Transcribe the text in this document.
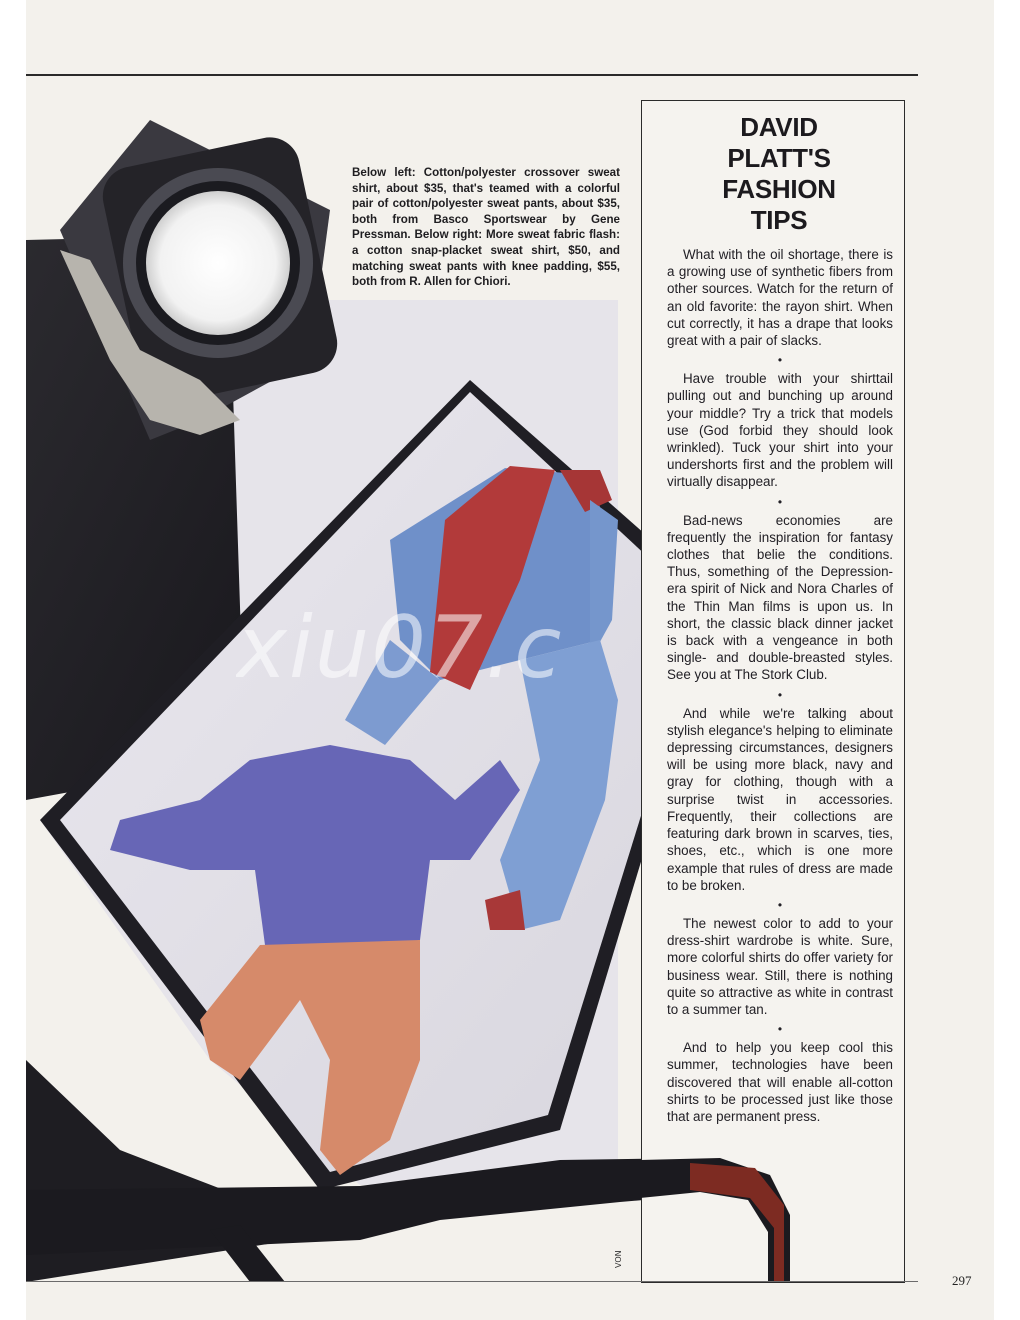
xiu07.c
Below left: Cotton/polyester crossover sweat shirt, about $35, that's teamed with a colorful pair of cotton/polyester sweat pants, about $35, both from Basco Sportswear by Gene Pressman. Below right: More sweat fabric flash: a cotton snap-placket sweat shirt, $50, and matching sweat pants with knee padding, $55, both from R. Allen for Chiori.
DAVID
PLATT'S
FASHION
TIPS

What with the oil shortage, there is a growing use of synthetic fibers from other sources. Watch for the return of an old favorite: the rayon shirt. When cut correctly, it has a drape that looks great with a pair of slacks.

•

Have trouble with your shirttail pulling out and bunching up around your middle? Try a trick that models use (God forbid they should look wrinkled). Tuck your shirt into your undershorts first and the problem will virtually disappear.

•

Bad-news economies are frequently the inspiration for fantasy clothes that belie the conditions. Thus, something of the Depression-era spirit of Nick and Nora Charles of the Thin Man films is upon us. In short, the classic black dinner jacket is back with a vengeance in both single- and double-breasted styles. See you at The Stork Club.

•

And while we're talking about stylish elegance's helping to eliminate depressing circumstances, designers will be using more black, navy and gray for clothing, though with a surprise twist in accessories. Frequently, their collections are featuring dark brown in scarves, ties, shoes, etc., which is one more example that rules of dress are made to be broken.

•

The newest color to add to your dress-shirt wardrobe is white. Sure, more colorful shirts do offer variety for business wear. Still, there is nothing quite so attractive as white in contrast to a summer tan.

•

And to help you keep cool this summer, technologies have been discovered that will enable all-cotton shirts to be processed just like those that are permanent press.

VON
297
